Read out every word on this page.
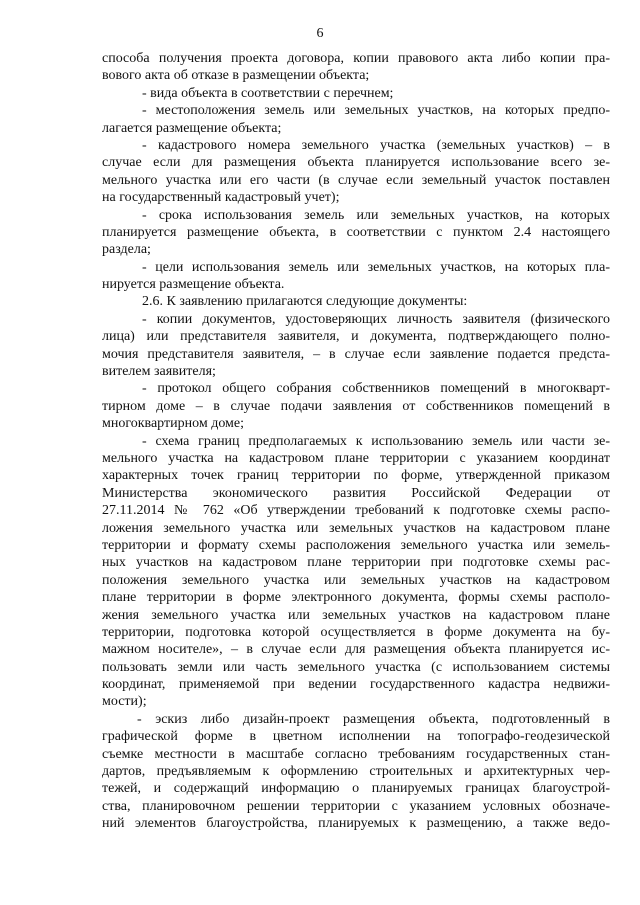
6
способа получения проекта договора, копии правового акта либо копии пра-
вового акта об отказе в размещении объекта;
- вида объекта в соответствии с перечнем;
- местоположения земель или земельных участков, на которых предпо-
лагается размещение объекта;
- кадастрового номера земельного участка (земельных участков) – в
случае если для размещения объекта планируется использование всего зе-
мельного участка или его части (в случае если земельный участок поставлен
на государственный кадастровый учет);
- срока использования земель или земельных участков, на которых
планируется размещение объекта, в соответствии с пунктом 2.4 настоящего
раздела;
- цели использования земель или земельных участков, на которых пла-
нируется размещение объекта.
2.6. К заявлению прилагаются следующие документы:
- копии документов, удостоверяющих личность заявителя (физического
лица) или представителя заявителя, и документа, подтверждающего полно-
мочия представителя заявителя, – в случае если заявление подается предста-
вителем заявителя;
- протокол общего собрания собственников помещений в многокварт-
тирном доме – в случае подачи заявления от собственников помещений в
многоквартирном доме;
- схема границ предполагаемых к использованию земель или части зе-
мельного участка на кадастровом плане территории с указанием координат
характерных точек границ территории по форме, утвержденной приказом
Министерства экономического развития Российской Федерации от
27.11.2014 № 762 «Об утверждении требований к подготовке схемы распо-
ложения земельного участка или земельных участков на кадастровом плане
территории и формату схемы расположения земельного участка или земель-
ных участков на кадастровом плане территории при подготовке схемы рас-
положения земельного участка или земельных участков на кадастровом
плане территории в форме электронного документа, формы схемы располо-
жения земельного участка или земельных участков на кадастровом плане
территории, подготовка которой осуществляется в форме документа на бу-
мажном носителе», – в случае если для размещения объекта планируется ис-
пользовать земли или часть земельного участка (с использованием системы
координат, применяемой при ведении государственного кадастра недвижи-
мости);
- эскиз либо дизайн-проект размещения объекта, подготовленный в
графической форме в цветном исполнении на топографо-геодезической
съемке местности в масштабе согласно требованиям государственных стан-
дартов, предъявляемым к оформлению строительных и архитектурных чер-
тежей, и содержащий информацию о планируемых границах благоустрой-
ства, планировочном решении территории с указанием условных обозначе-
ний элементов благоустройства, планируемых к размещению, а также ведо-
